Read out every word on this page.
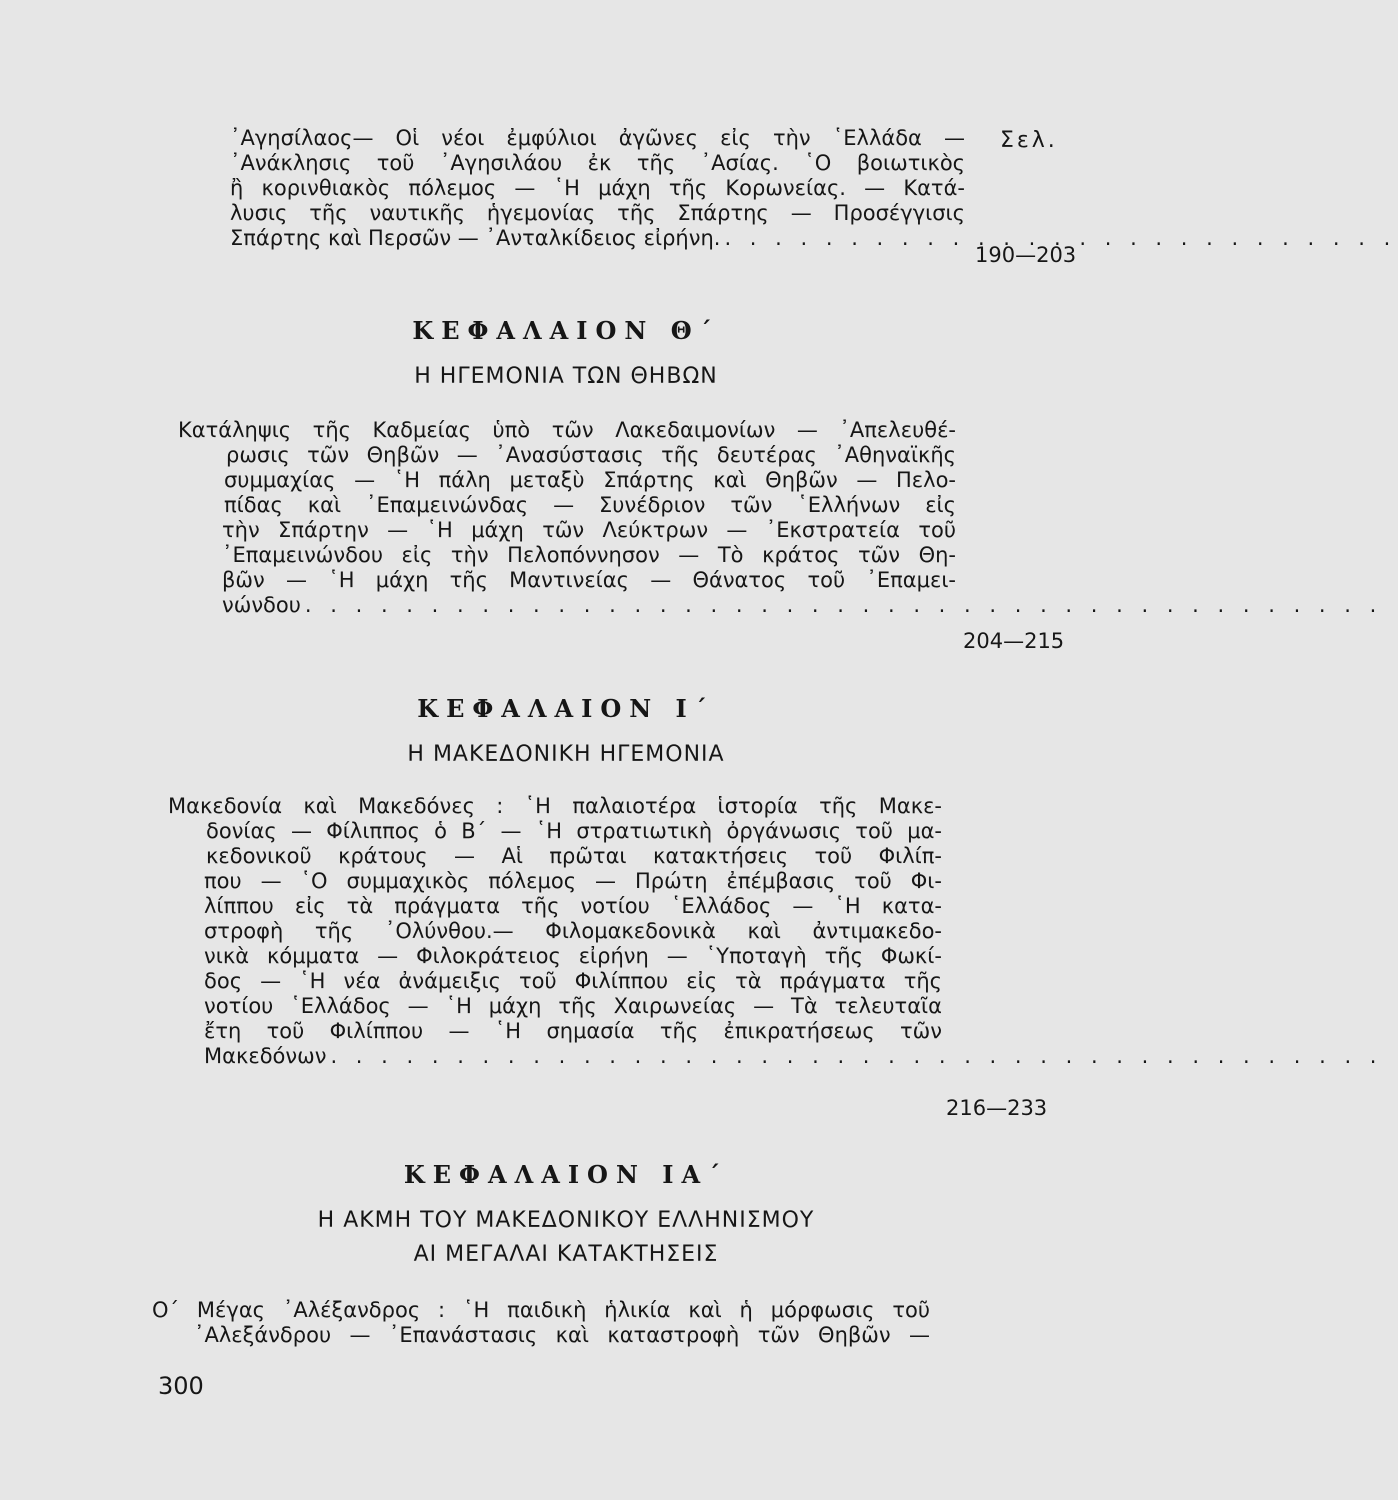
Σελ.
᾿Αγησίλαος— Οἱ νέοι ἐμφύλιοι ἀγῶνες εἰς τὴν ῾Ελλάδα —
᾿Ανάκλησις τοῦ ᾿Αγησιλάου ἐκ τῆς ᾿Ασίας. ῾Ο βοιωτικὸς
ἢ κορινθιακὸς πόλεμος — ῾Η μάχη τῆς Κορωνείας. — Κατά-
λυσις τῆς ναυτικῆς ἡγεμονίας τῆς Σπάρτης — Προσέγγισις
Σπάρτης καὶ Περσῶν — ᾿Ανταλκίδειος εἰρήνη. . . . . . . . . . . . . . . . . . . . . . . . . . . .
190—203
ΚΕΦΑΛΑΙΟΝ Θ΄
Η ΗΓΕΜΟΝΙΑ ΤΩΝ ΘΗΒΩΝ
Κατάληψις τῆς Καδμείας ὑπὸ τῶν Λακεδαιμονίων — ᾿Απελευθέ-
ρωσις τῶν Θηβῶν — ᾿Ανασύστασις τῆς δευτέρας ᾿Αθηναϊκῆς
συμμαχίας — ῾Η πάλη μεταξὺ Σπάρτης καὶ Θηβῶν — Πελο-
πίδας καὶ ᾿Επαμεινώνδας — Συνέδριον τῶν ῾Ελλήνων εἰς
τὴν Σπάρτην — ῾Η μάχη τῶν Λεύκτρων — ᾿Εκστρατεία τοῦ
᾿Επαμεινώνδου εἰς τὴν Πελοπόννησον — Τὸ κράτος τῶν Θη-
βῶν — ῾Η μάχη τῆς Μαντινείας — Θάνατος τοῦ ᾿Επαμει-
νώνδου . . . . . . . . . . . . . . . . . . . . . . . . . . . . . . . . . . . . . . . . . . .
204—215
ΚΕΦΑΛΑΙΟΝ Ι΄
Η ΜΑΚΕΔΟΝΙΚΗ ΗΓΕΜΟΝΙΑ
Μακεδονία καὶ Μακεδόνες : ῾Η παλαιοτέρα ἱστορία τῆς Μακε-
δονίας — Φίλιππος ὁ Β΄ — ῾Η στρατιωτικὴ ὀργάνωσις τοῦ μα-
κεδονικοῦ κράτους — Αἱ πρῶται κατακτήσεις τοῦ Φιλίπ-
που — ῾Ο συμμαχικὸς πόλεμος — Πρώτη ἐπέμβασις τοῦ Φι-
λίππου εἰς τὰ πράγματα τῆς νοτίου ῾Ελλάδος — ῾Η κατα-
στροφὴ τῆς ᾿Ολύνθου.— Φιλομακεδονικὰ καὶ ἀντιμακεδο-
νικὰ κόμματα — Φιλοκράτειος εἰρήνη — ῾Υποταγὴ τῆς Φωκί-
δος — ῾Η νέα ἀνάμειξις τοῦ Φιλίππου εἰς τὰ πράγματα τῆς
νοτίου ῾Ελλάδος — ῾Η μάχη τῆς Χαιρωνείας — Τὰ τελευταῖα
ἔτη τοῦ Φιλίππου — ῾Η σημασία τῆς ἐπικρατήσεως τῶν
Μακεδόνων . . . . . . . . . . . . . . . . . . . . . . . . . . . . . . . . . . . . . . . . . .
216—233
ΚΕΦΑΛΑΙΟΝ ΙΑ΄
Η ΑΚΜΗ ΤΟΥ ΜΑΚΕΔΟΝΙΚΟΥ ΕΛΛΗΝΙΣΜΟΥ
ΑΙ ΜΕΓΑΛΑΙ ΚΑΤΑΚΤΗΣΕΙΣ
Ο΄ Μέγας ᾿Αλέξανδρος : ῾Η παιδικὴ ἡλικία καὶ ἡ μόρφωσις τοῦ
᾿Αλεξάνδρου — ᾿Επανάστασις καὶ καταστροφὴ τῶν Θηβῶν —
300
